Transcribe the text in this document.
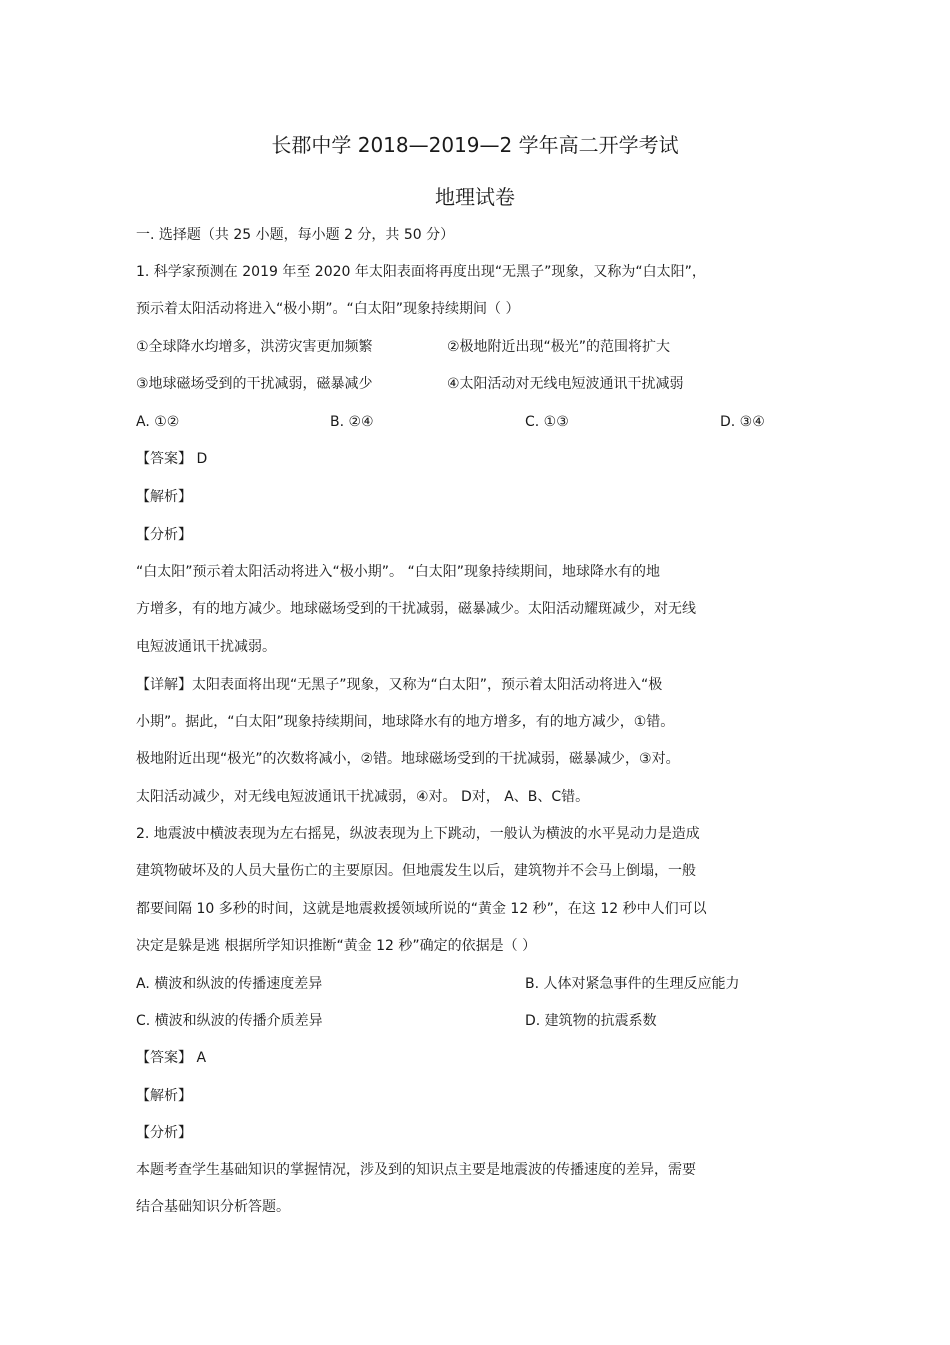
长郡中学 2018—2019—2 学年高二开学考试
地理试卷
一. 选择题（共 25 小题，每小题 2 分，共 50 分）
1. 科学家预测在 2019 年至 2020 年太阳表面将再度出现“无黑子”现象，又称为“白太阳”，
预示着太阳活动将进入“极小期”。“白太阳”现象持续期间（ ）
①全球降水均增多，洪涝灾害更加频繁	②极地附近出现“极光”的范围将扩大
③地球磁场受到的干扰减弱，磁暴减少	④太阳活动对无线电短波通讯干扰减弱
A. ①②	B. ②④	C. ①③	D. ③④
【答案】 D
【解析】
【分析】
“白太阳”预示着太阳活动将进入“极小期”。 “白太阳”现象持续期间，地球降水有的地
方增多，有的地方减少。地球磁场受到的干扰减弱，磁暴减少。太阳活动耀斑减少，对无线
电短波通讯干扰减弱。
【详解】太阳表面将出现“无黑子”现象，又称为“白太阳”，预示着太阳活动将进入“极
小期”。据此，“白太阳”现象持续期间，地球降水有的地方增多，有的地方减少，①错。
极地附近出现“极光”的次数将减小，②错。地球磁场受到的干扰减弱，磁暴减少，③对。
太阳活动减少，对无线电短波通讯干扰减弱，④对。 D对， A、B、C错。
2. 地震波中横波表现为左右摇晃，纵波表现为上下跳动，一般认为横波的水平晃动力是造成
建筑物破坏及的人员大量伤亡的主要原因。但地震发生以后，建筑物并不会马上倒塌，一般
都要间隔 10 多秒的时间，这就是地震救援领域所说的“黄金 12 秒”，在这 12 秒中人们可以
决定是躲是逃 根据所学知识推断“黄金 12 秒”确定的依据是（ ）
A. 横波和纵波的传播速度差异	B. 人体对紧急事件的生理反应能力
C. 横波和纵波的传播介质差异	D. 建筑物的抗震系数
【答案】 A
【解析】
【分析】
本题考查学生基础知识的掌握情况，涉及到的知识点主要是地震波的传播速度的差异，需要
结合基础知识分析答题。
